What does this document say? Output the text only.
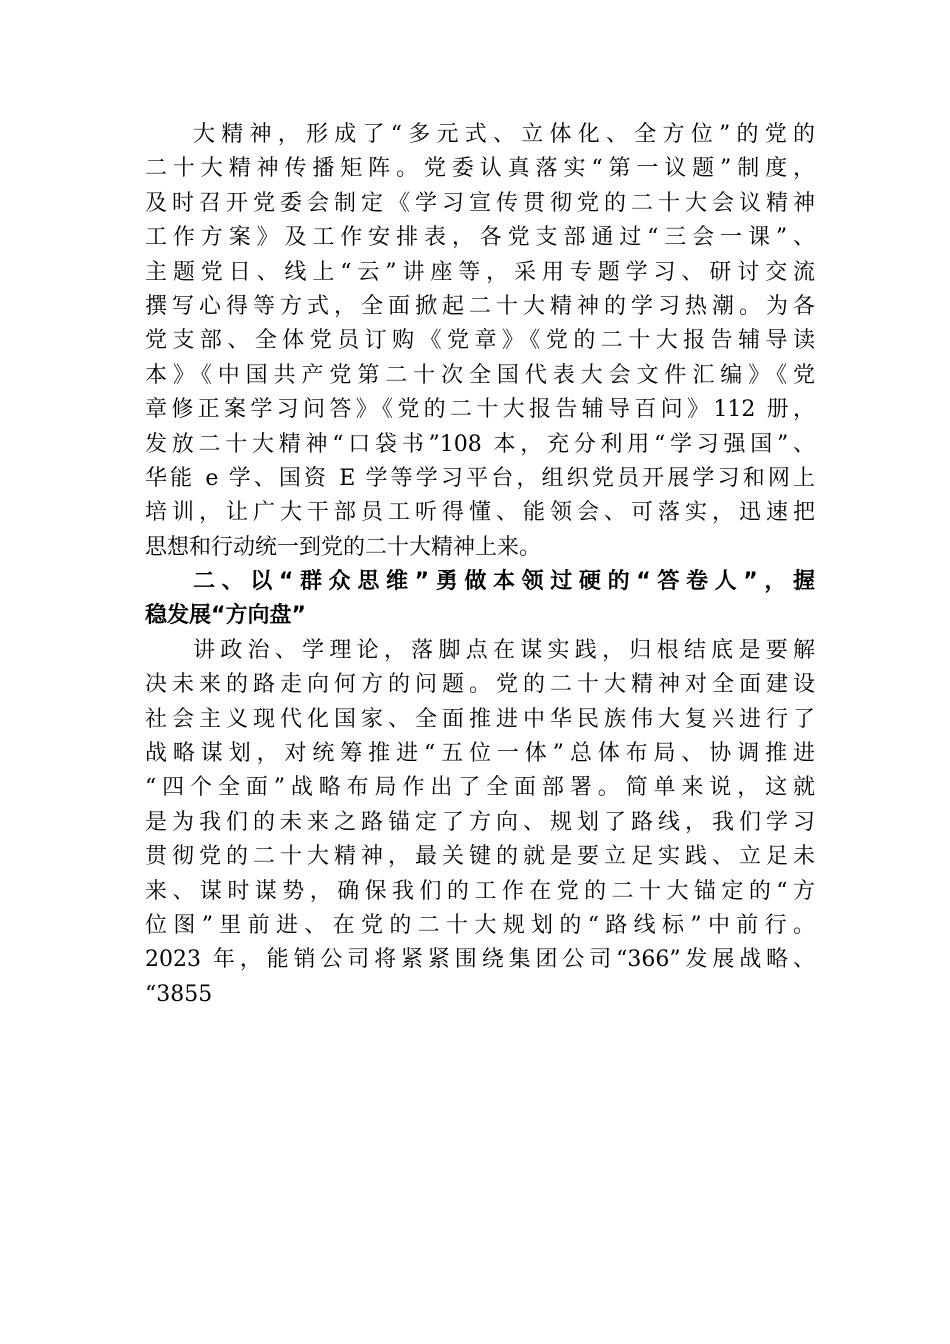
大精神，形成了“多元式、立体化、全方位”的党的
二十大精神传播矩阵。党委认真落实“第一议题”制度，
及时召开党委会制定《学习宣传贯彻党的二十大会议精神
工作方案》及工作安排表，各党支部通过“三会一课”、
主题党日、线上“云”讲座等，采用专题学习、研讨交流
撰写心得等方式，全面掀起二十大精神的学习热潮。为各
党支部、全体党员订购《党章》《党的二十大报告辅导读
本》《中国共产党第二十次全国代表大会文件汇编》《党
章修正案学习问答》《党的二十大报告辅导百问》112 册，
发放二十大精神“口袋书”108 本，充分利用“学习强国”、
华能 e 学、国资 E 学等学习平台，组织党员开展学习和网上
培训，让广大干部员工听得懂、能领会、可落实，迅速把
思想和行动统一到党的二十大精神上来。
二、以“群众思维”勇做本领过硬的“答卷人”，握
稳发展“方向盘”
讲政治、学理论，落脚点在谋实践，归根结底是要解
决未来的路走向何方的问题。党的二十大精神对全面建设
社会主义现代化国家、全面推进中华民族伟大复兴进行了
战略谋划，对统筹推进“五位一体”总体布局、协调推进
“四个全面”战略布局作出了全面部署。简单来说，这就
是为我们的未来之路锚定了方向、规划了路线，我们学习
贯彻党的二十大精神，最关键的就是要立足实践、立足未
来、谋时谋势，确保我们的工作在党的二十大锚定的“方
位图”里前进、在党的二十大规划的“路线标”中前行。
2023 年，能销公司将紧紧围绕集团公司“366”发展战略、
“3855
